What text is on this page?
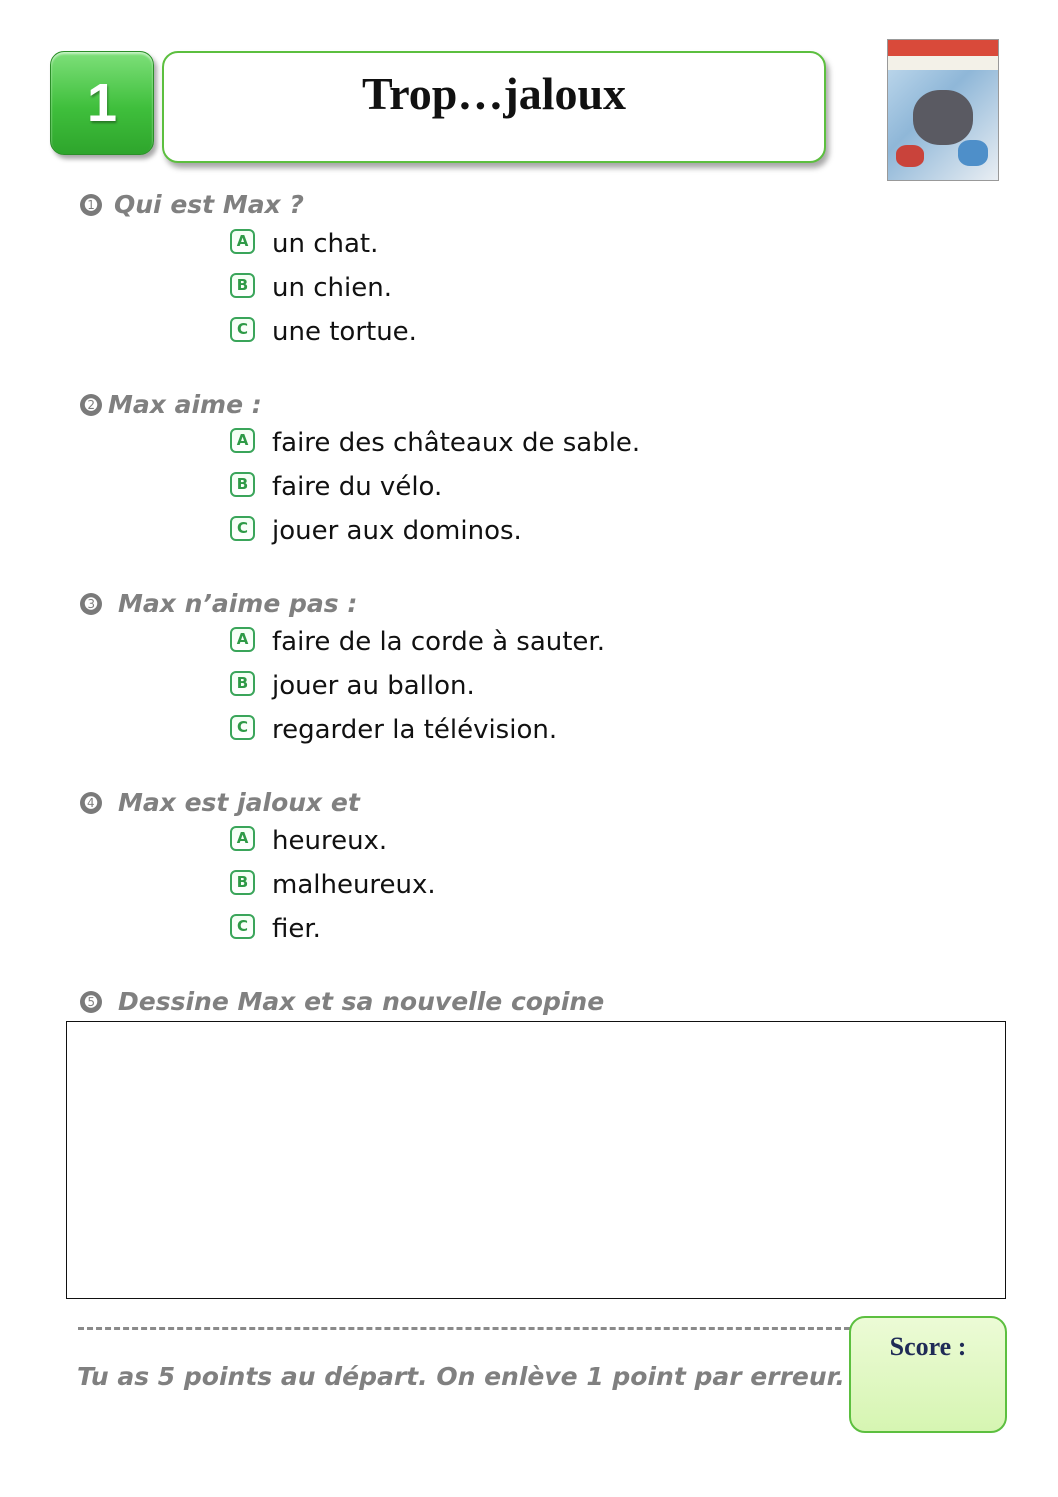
1	Trop…jaloux
➊ Qui est Max ?
A un chat.
B un chien.
C une tortue.
➋ Max aime :
A faire des châteaux de sable.
B faire du vélo.
C jouer aux dominos.
➌ Max n’aime pas :
A faire de la corde à sauter.
B jouer au ballon.
C regarder la télévision.
➍ Max est jaloux et
A heureux.
B malheureux.
C fier.
➎ Dessine Max et sa nouvelle copine
Tu as 5 points au départ. On enlève 1 point par erreur.
Score :
